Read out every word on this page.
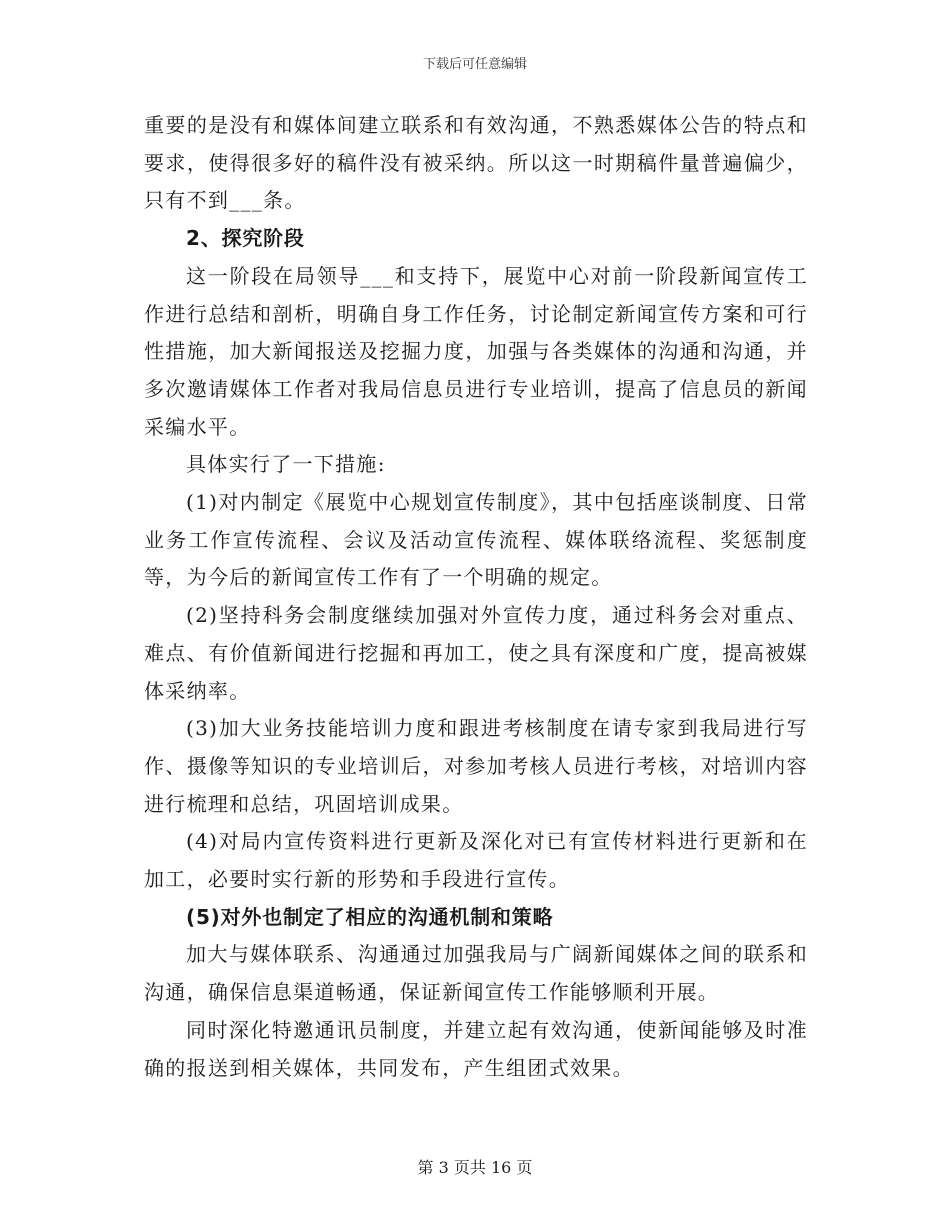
下载后可任意编辑

重要的是没有和媒体间建立联系和有效沟通，不熟悉媒体公告的特点和要求，使得很多好的稿件没有被采纳。所以这一时期稿件量普遍偏少，只有不到___条。

2、探究阶段

这一阶段在局领导___和支持下，展览中心对前一阶段新闻宣传工作进行总结和剖析，明确自身工作任务，讨论制定新闻宣传方案和可行性措施，加大新闻报送及挖掘力度，加强与各类媒体的沟通和沟通，并多次邀请媒体工作者对我局信息员进行专业培训，提高了信息员的新闻采编水平。

具体实行了一下措施:

(1)对内制定《展览中心规划宣传制度》，其中包括座谈制度、日常业务工作宣传流程、会议及活动宣传流程、媒体联络流程、奖惩制度等，为今后的新闻宣传工作有了一个明确的规定。

(2)坚持科务会制度继续加强对外宣传力度，通过科务会对重点、难点、有价值新闻进行挖掘和再加工，使之具有深度和广度，提高被媒体采纳率。

(3)加大业务技能培训力度和跟进考核制度在请专家到我局进行写作、摄像等知识的专业培训后，对参加考核人员进行考核，对培训内容进行梳理和总结，巩固培训成果。

(4)对局内宣传资料进行更新及深化对已有宣传材料进行更新和在加工，必要时实行新的形势和手段进行宣传。

(5)对外也制定了相应的沟通机制和策略

加大与媒体联系、沟通通过加强我局与广阔新闻媒体之间的联系和沟通，确保信息渠道畅通，保证新闻宣传工作能够顺利开展。

同时深化特邀通讯员制度，并建立起有效沟通，使新闻能够及时准确的报送到相关媒体，共同发布，产生组团式效果。

第 3 页共 16 页
